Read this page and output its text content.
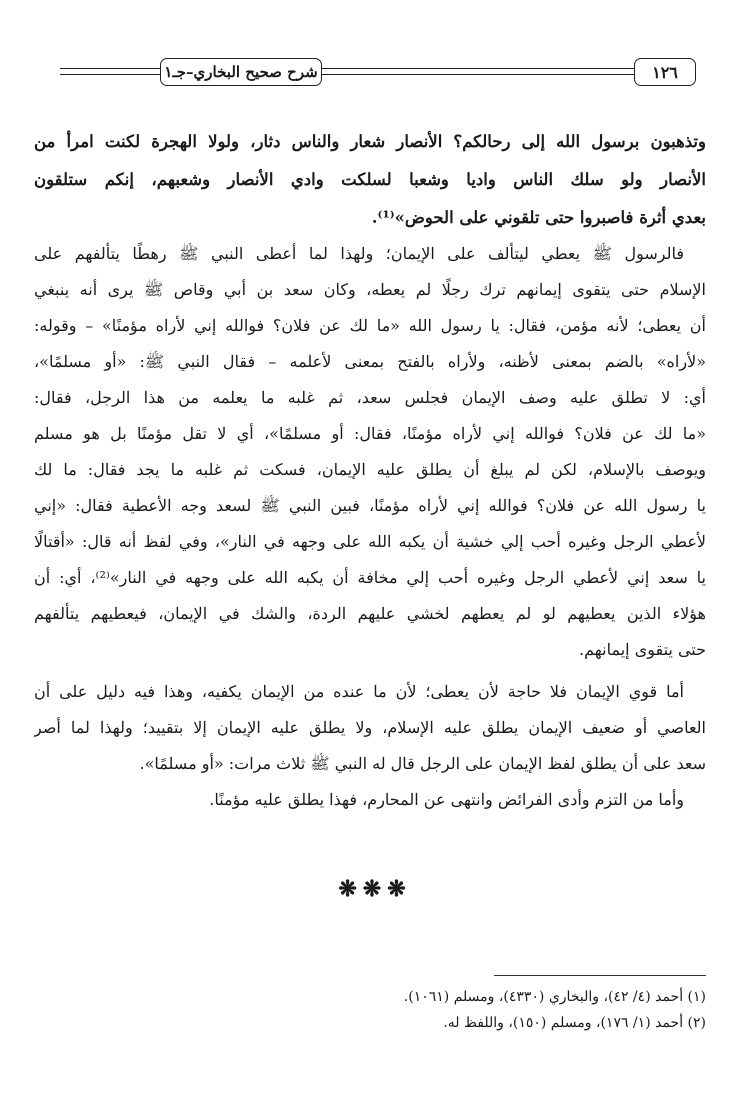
شرح صحيح البخاري–جـ١	١٢٦
وتذهبون برسول الله إلى رحالكم؟ الأنصار شعار والناس دثار، ولولا الهجرة لكنت امرأ من
الأنصار ولو سلك الناس واديا وشعبا لسلكت وادي الأنصار وشعبهم، إنكم ستلقون
بعدي أثرة فاصبروا حتى تلقوني على الحوض»⁽¹⁾.
فالرسول ﷺ يعطي ليتألف على الإيمان؛ ولهذا لما أعطى النبي ﷺ رهطًا يتألفهم على
الإسلام حتى يتقوى إيمانهم ترك رجلًا لم يعطه، وكان سعد بن أبي وقاص ﷺ يرى أنه ينبغي
أن يعطى؛ لأنه مؤمن، فقال: يا رسول الله «ما لك عن فلان؟ فوالله إني لأراه مؤمنًا» – وقوله:
«لأراه» بالضم بمعنى لأظنه، ولأراه بالفتح بمعنى لأعلمه – فقال النبي ﷺ: «أو مسلمًا»،
أي: لا تطلق عليه وصف الإيمان فجلس سعد، ثم غلبه ما يعلمه من هذا الرجل، فقال:
«ما لك عن فلان؟ فوالله إني لأراه مؤمنًا، فقال: أو مسلمًا»، أي لا تقل مؤمنًا بل هو مسلم
ويوصف بالإسلام، لكن لم يبلغ أن يطلق عليه الإيمان، فسكت ثم غلبه ما يجد فقال: ما لك
يا رسول الله عن فلان؟ فوالله إني لأراه مؤمنًا، فبين النبي ﷺ لسعد وجه الأعطية فقال: «إني
لأعطي الرجل وغيره أحب إلي خشية أن يكبه الله على وجهه في النار»، وفي لفظ أنه قال: «أقتالًا
يا سعد إني لأعطي الرجل وغيره أحب إلي مخافة أن يكبه الله على وجهه في النار»⁽²⁾، أي: أن
هؤلاء الذين يعطيهم لو لم يعطهم لخشي عليهم الردة، والشك في الإيمان، فيعطيهم يتألفهم
حتى يتقوى إيمانهم.
أما قوي الإيمان فلا حاجة لأن يعطى؛ لأن ما عنده من الإيمان يكفيه، وهذا فيه دليل على أن
العاصي أو ضعيف الإيمان يطلق عليه الإسلام، ولا يطلق عليه الإيمان إلا بتقييد؛ ولهذا لما أصر
سعد على أن يطلق لفظ الإيمان على الرجل قال له النبي ﷺ ثلاث مرات: «أو مسلمًا».
وأما من التزم وأدى الفرائض وانتهى عن المحارم، فهذا يطلق عليه مؤمنًا.
❋❋❋
(١) أحمد (٤/ ٤٢)، والبخاري (٤٣٣٠)، ومسلم (١٠٦١).
(٢) أحمد (١/ ١٧٦)، ومسلم (١٥٠)، واللفظ له.
